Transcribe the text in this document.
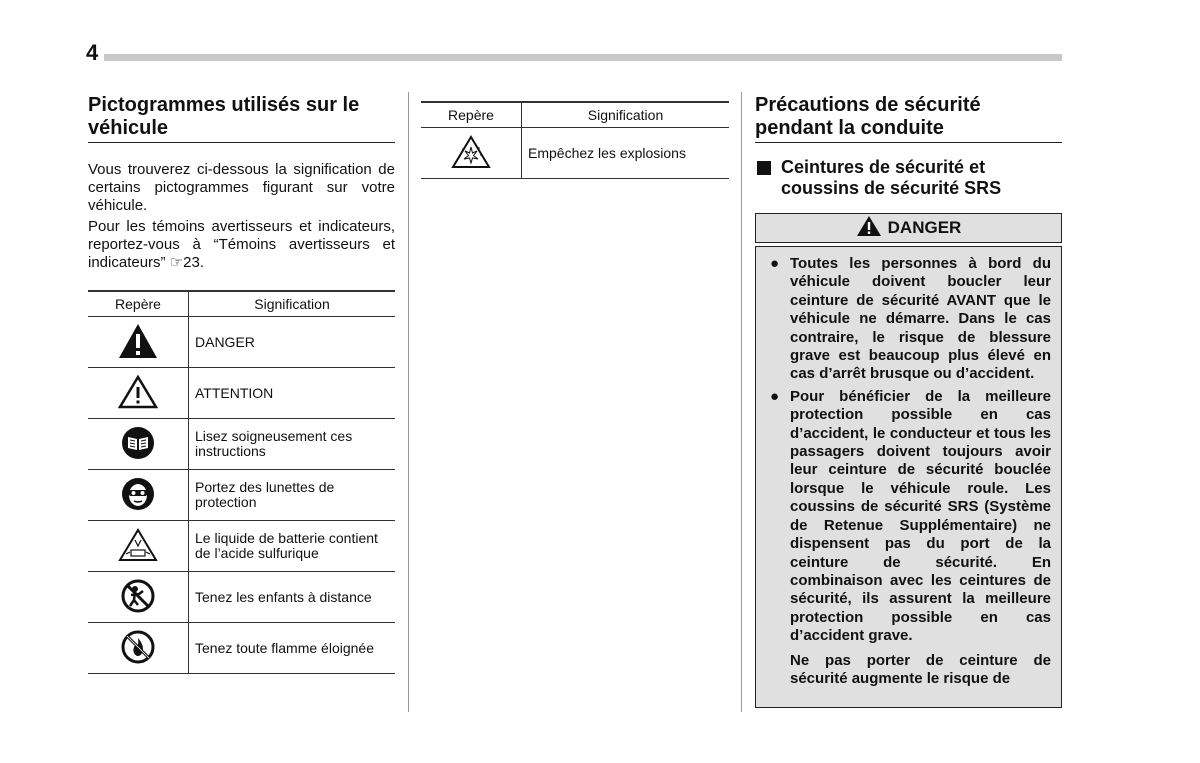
4
Pictogrammes utilisés sur le véhicule

Vous trouverez ci-dessous la signification de certains pictogrammes figurant sur votre véhicule.

Pour les témoins avertisseurs et indicateurs, reportez-vous à “Témoins avertisseurs et indicateurs” ☞23.

Repère	Signification
	DANGER
	ATTENTION
	Lisez soigneusement ces instructions
	Portez des lunettes de protection
	Le liquide de batterie contient de l’acide sulfurique
	Tenez les enfants à distance
	Tenez toute flamme éloignée
Repère	Signification
	Empêchez les explosions
Précautions de sécurité pendant la conduite
Ceintures de sécurité et coussins de sécurité SRS
DANGER
● Toutes les personnes à bord du véhicule doivent boucler leur ceinture de sécurité AVANT que le véhicule ne démarre. Dans le cas contraire, le risque de blessure grave est beaucoup plus élevé en cas d’arrêt brusque ou d’accident.
● Pour bénéficier de la meilleure protection possible en cas d’accident, le conducteur et tous les passagers doivent toujours avoir leur ceinture de sécurité bouclée lorsque le véhicule roule. Les coussins de sécurité SRS (Système de Retenue Supplémentaire) ne dispensent pas du port de la ceinture de sécurité. En combinaison avec les ceintures de sécurité, ils assurent la meilleure protection possible en cas d’accident grave.
Ne pas porter de ceinture de sécurité augmente le risque de
